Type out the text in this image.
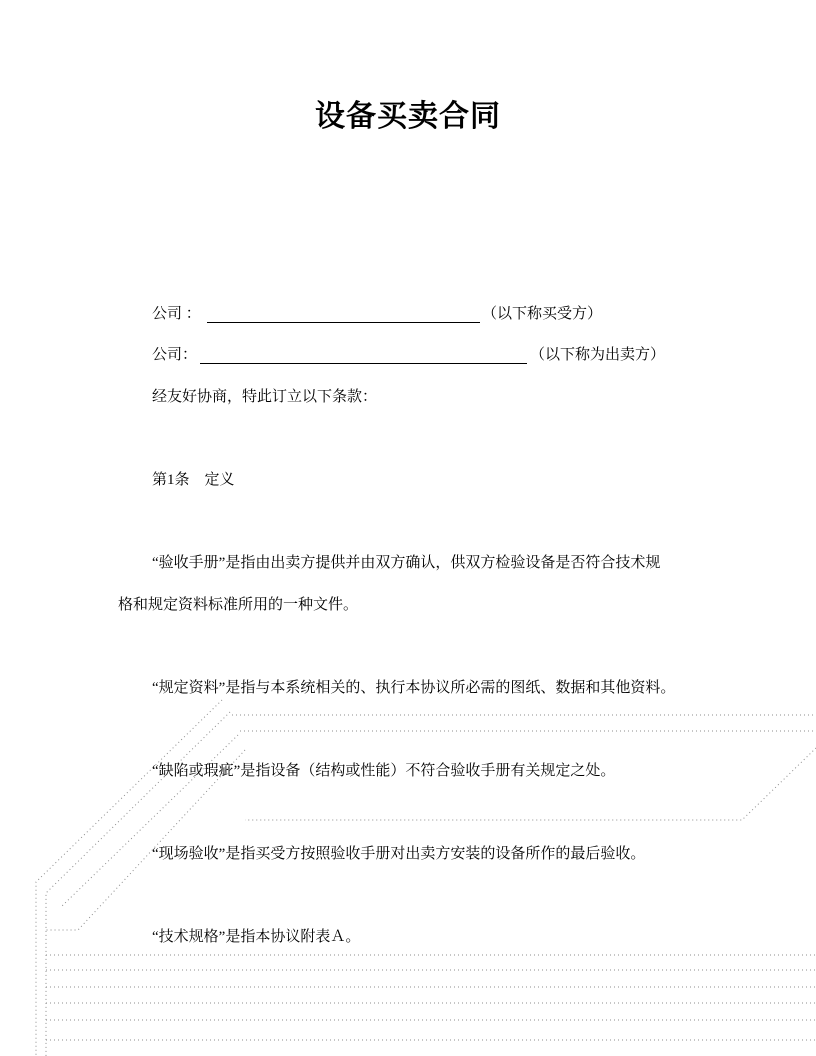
设备买卖合同
公司 ：	（以下称买受方）
公司：	（以下称为出卖方）
经友好协商，特此订立以下条款：
第1条　定义
“验收手册”是指由出卖方提供并由双方确认，供双方检验设备是否符合技术规
格和规定资料标准所用的一种文件。
“规定资料”是指与本系统相关的、执行本协议所必需的图纸、数据和其他资料。
“缺陷或瑕疵”是指设备（结构或性能）不符合验收手册有关规定之处。
“现场验收”是指买受方按照验收手册对出卖方安装的设备所作的最后验收。
“技术规格”是指本协议附表Ａ。
